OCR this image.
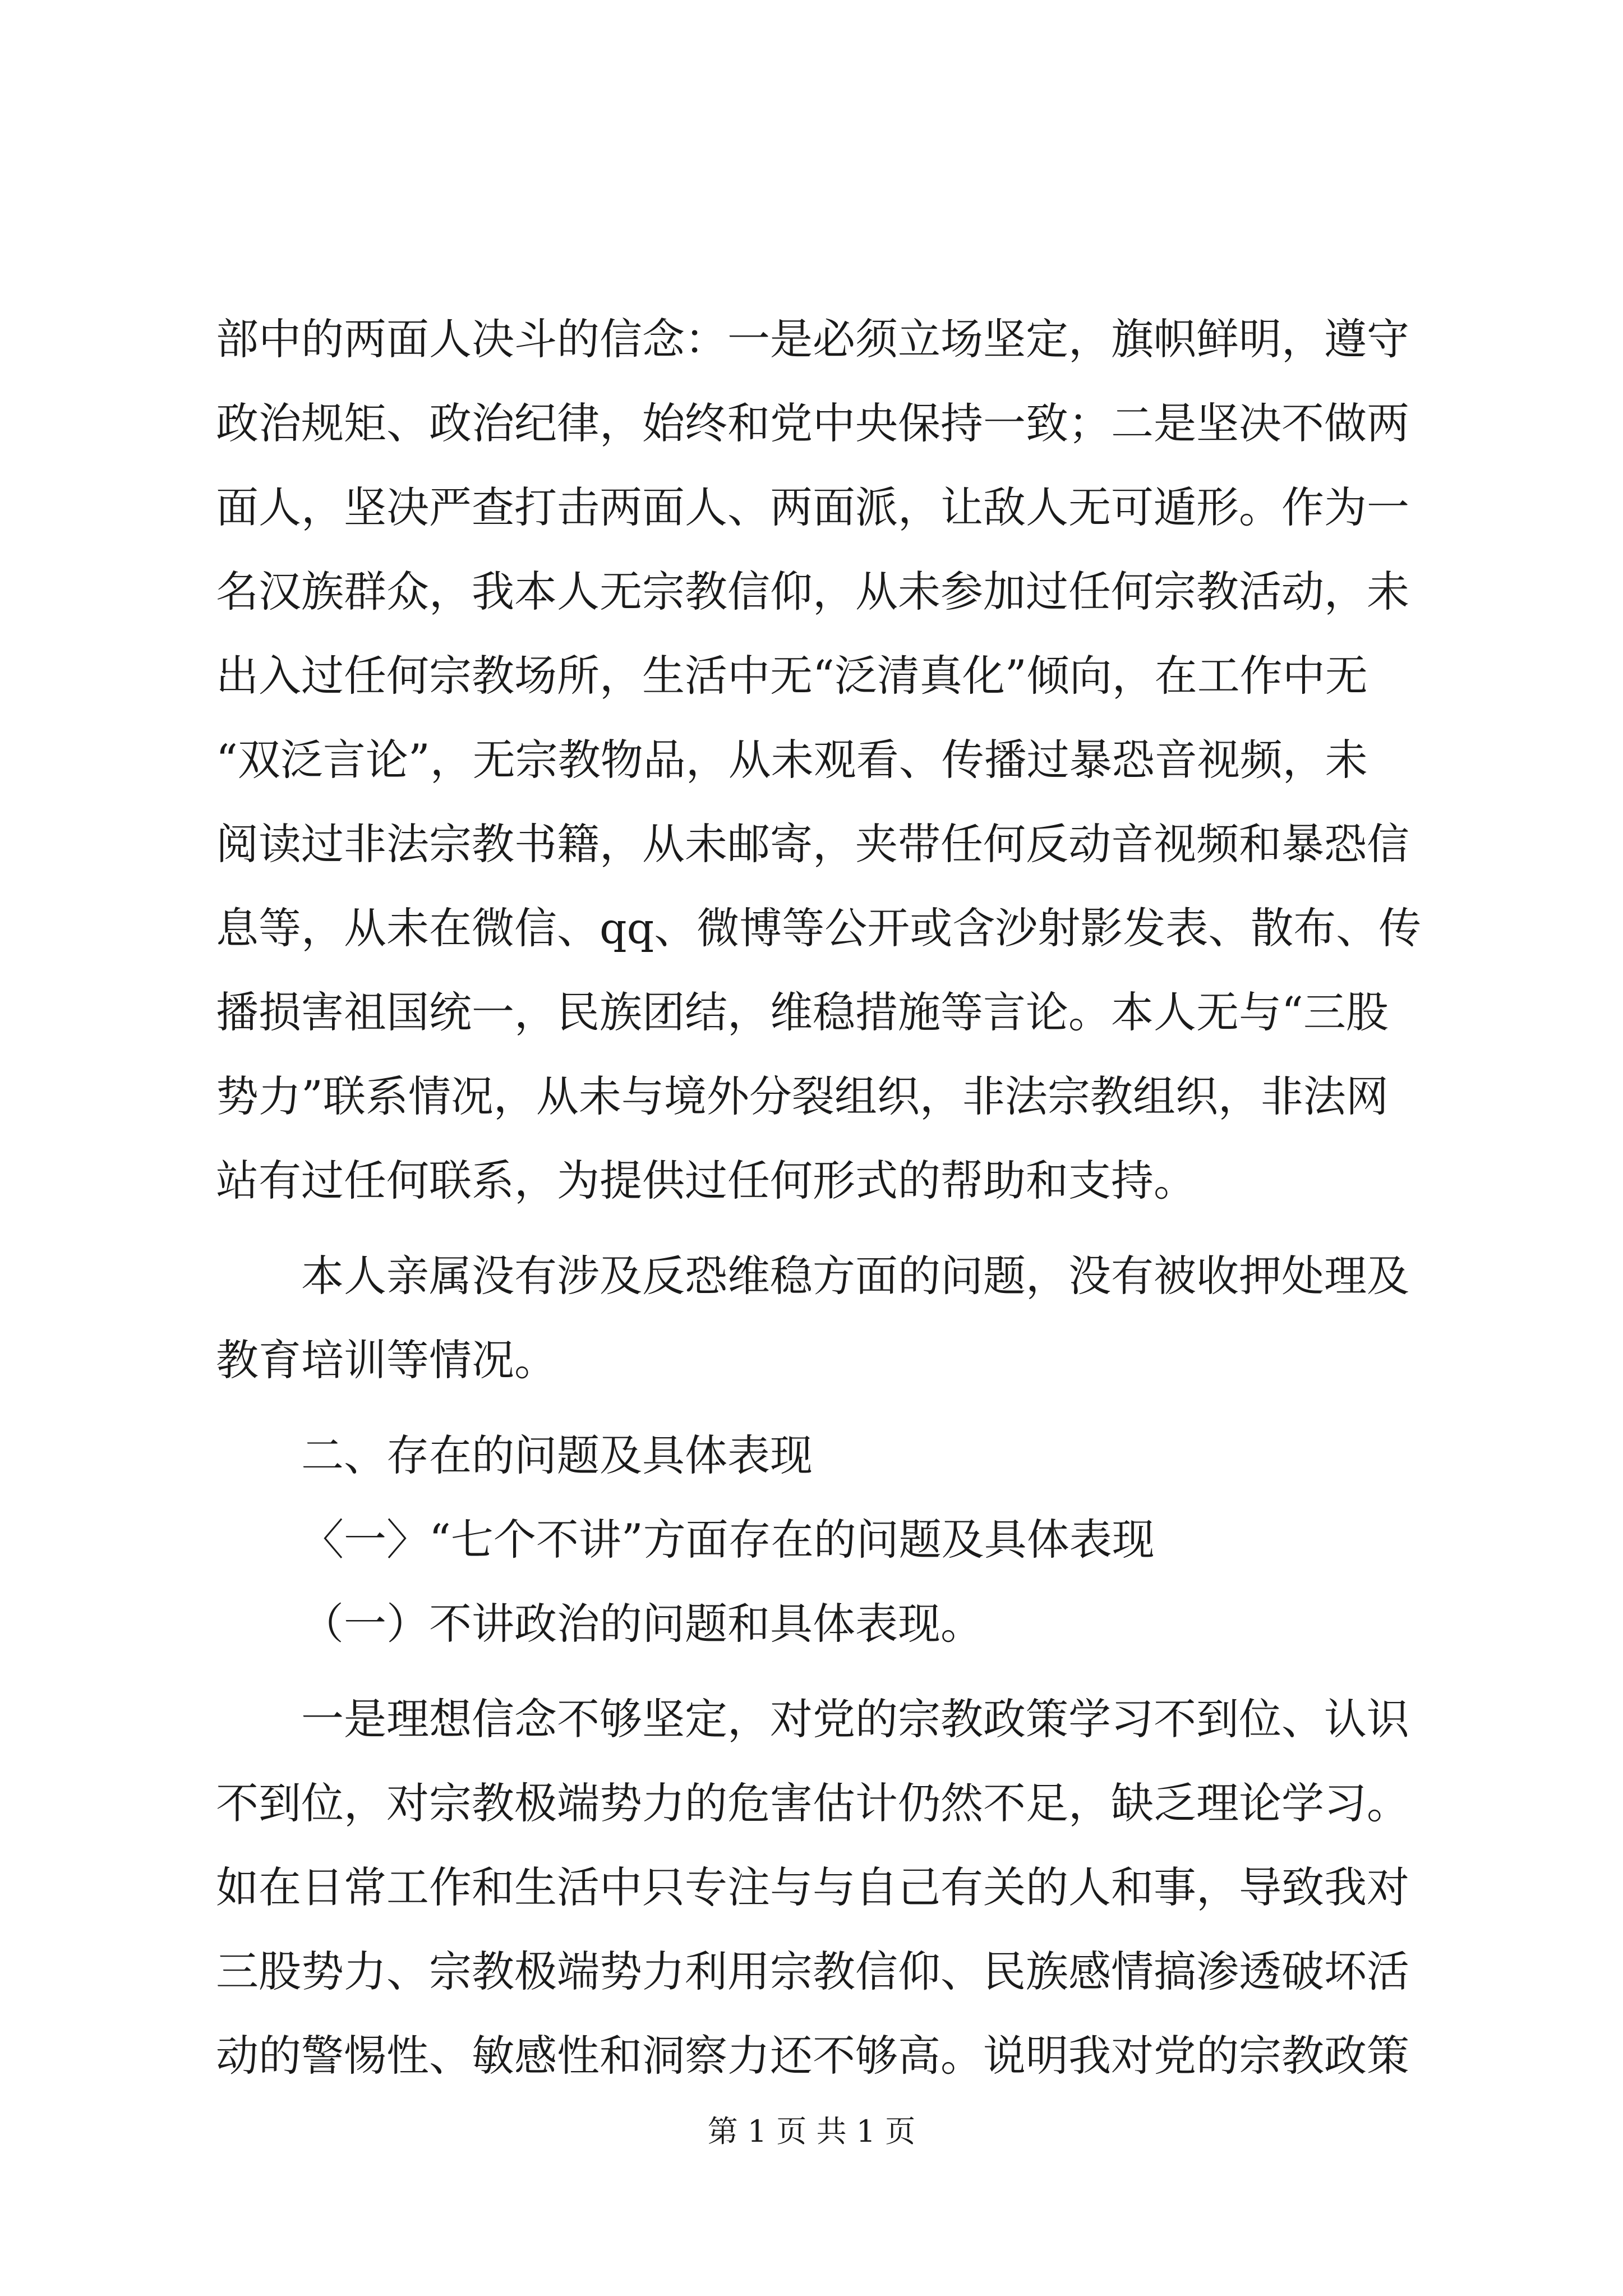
部中的两面人决斗的信念：一是必须立场坚定，旗帜鲜明，遵守
政治规矩、政治纪律，始终和党中央保持一致；二是坚决不做两
面人，坚决严查打击两面人、两面派，让敌人无可遁形。作为一
名汉族群众，我本人无宗教信仰，从未参加过任何宗教活动，未
出入过任何宗教场所，生活中无“泛清真化”倾向，在工作中无
“双泛言论”，无宗教物品，从未观看、传播过暴恐音视频，未
阅读过非法宗教书籍，从未邮寄，夹带任何反动音视频和暴恐信
息等，从未在微信、qq、微博等公开或含沙射影发表、散布、传
播损害祖国统一，民族团结，维稳措施等言论。本人无与“三股
势力”联系情况，从未与境外分裂组织，非法宗教组织，非法网
站有过任何联系，为提供过任何形式的帮助和支持。
本人亲属没有涉及反恐维稳方面的问题，没有被收押处理及
教育培训等情况。
二、存在的问题及具体表现
〈一〉“七个不讲”方面存在的问题及具体表现
（一）不讲政治的问题和具体表现。
一是理想信念不够坚定，对党的宗教政策学习不到位、认识
不到位，对宗教极端势力的危害估计仍然不足，缺乏理论学习。
如在日常工作和生活中只专注与与自己有关的人和事，导致我对
三股势力、宗教极端势力利用宗教信仰、民族感情搞渗透破坏活
动的警惕性、敏感性和洞察力还不够高。说明我对党的宗教政策
第 1 页 共 1 页
